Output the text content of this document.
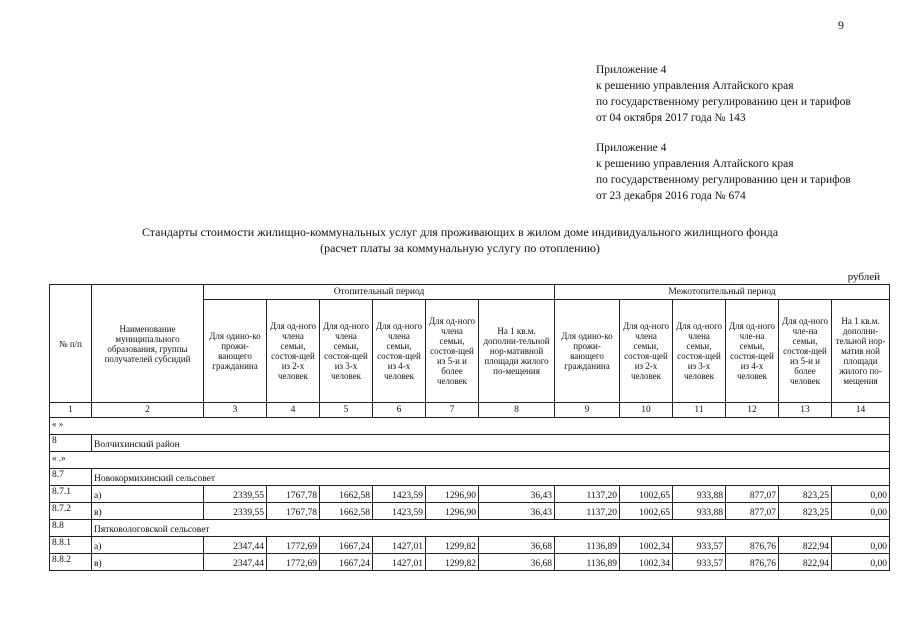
9
Приложение 4
к решению управления Алтайского края
по государственному регулированию цен и тарифов
от 04 октября 2017 года № 143
Приложение 4
к решению управления Алтайского края
по государственному регулированию цен и тарифов
от 23 декабря 2016 года № 674
Стандарты стоимости жилищно-коммунальных услуг для проживающих в жилом доме индивидуального жилищного фонда
(расчет платы за коммунальную услугу по отоплению)
рублей
№ п/п	Наименование муниципального образования, группы получателей субсидий	Отопительный период						Межотопительный период					
		Для одино-ко прожи-вающего гражданина	Для од-ного члена семьи, состоя-щей из 2-х человек	Для од-ного члена семьи, состоя-щей из 3-х человек	Для од-ного члена семьи, состоя-щей из 4-х человек	Для од-ного члена семьи, состоя-щей из 5-и и более человек	На 1 кв.м. дополни-тельной нор-мативной площади жилого по-мещения	Для одино-ко прожи-вающего гражданина	Для од-ного члена семьи, состоя-щей из 2-х человек	Для од-ного члена семьи, состоя-щей из 3-х человек	Для од-ного чле-на семьи, состоя-щей из 4-х человек	Для од-ного чле-на семьи, состоя-щей из 5-и и более человек	На 1 кв.м. дополни-тельной нор-матив ной площади жилого по-мещения
1	2	3	4	5	6	7	8	9	10	11	12	13	14
« »													
8	Волчихинский район												
« .»													
8.7	Новокормихинский сельсовет												
8.7.1	а)	2339,55	1767,78	1662,58	1423,59	1296,90	36,43	1137,20	1002,65	933,88	877,07	823,25	0,00
8.7.2	в)	2339,55	1767,78	1662,58	1423,59	1296,90	36,43	1137,20	1002,65	933,88	877,07	823,25	0,00
8.8	Пятковологовской сельсовет												
8.8.1	а)	2347,44	1772,69	1667,24	1427,01	1299,82	36,68	1136,89	1002,34	933,57	876,76	822,94	0,00
8.8.2	в)	2347,44	1772,69	1667,24	1427,01	1299,82	36,68	1136,89	1002,34	933,57	876,76	822,94	0,00
